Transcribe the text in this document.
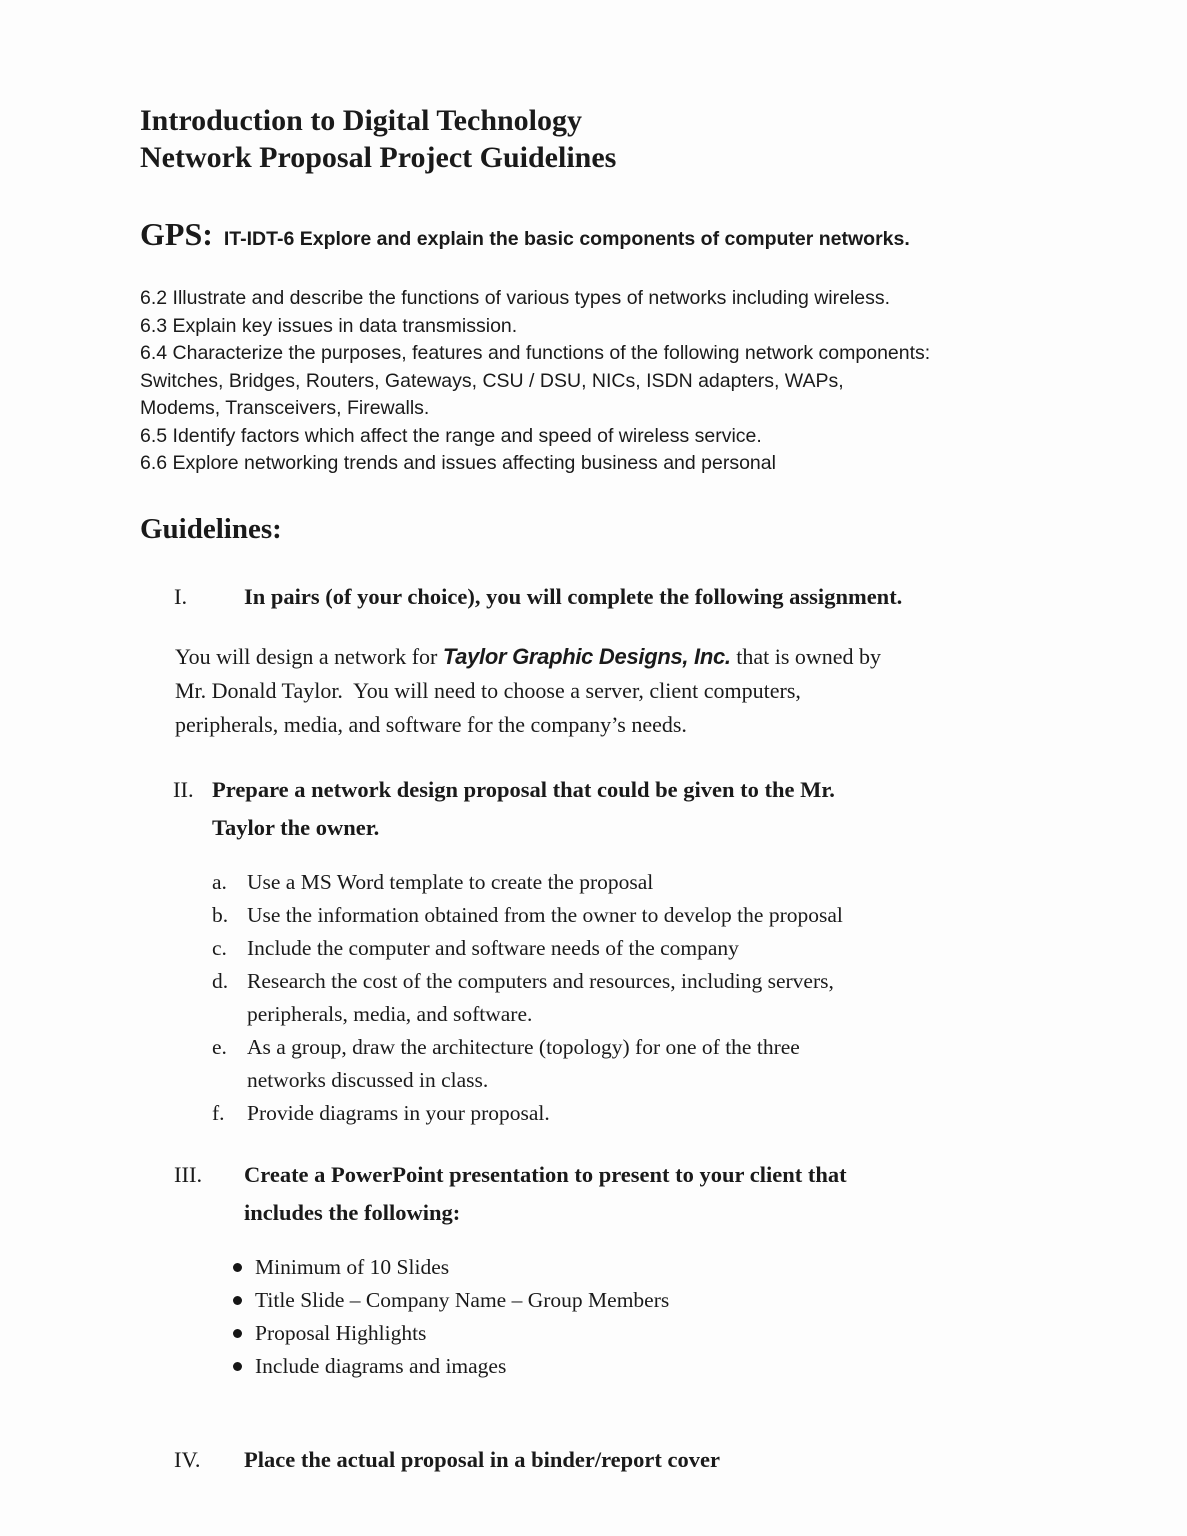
Introduction to Digital Technology
Network Proposal Project Guidelines
GPS: IT-IDT-6 Explore and explain the basic components of computer networks.
6.2 Illustrate and describe the functions of various types of networks including wireless.
6.3 Explain key issues in data transmission.
6.4 Characterize the purposes, features and functions of the following network components:
Switches, Bridges, Routers, Gateways, CSU / DSU, NICs, ISDN adapters, WAPs,
Modems, Transceivers, Firewalls.
6.5 Identify factors which affect the range and speed of wireless service.
6.6 Explore networking trends and issues affecting business and personal
Guidelines:
I.	In pairs (of your choice), you will complete the following assignment.
You will design a network for Taylor Graphic Designs, Inc. that is owned by
Mr. Donald Taylor.  You will need to choose a server, client computers,
peripherals, media, and software for the company’s needs.
II. Prepare a network design proposal that could be given to the Mr.
Taylor the owner.
a. Use a MS Word template to create the proposal
b. Use the information obtained from the owner to develop the proposal
c. Include the computer and software needs of the company
d. Research the cost of the computers and resources, including servers,
peripherals, media, and software.
e. As a group, draw the architecture (topology) for one of the three
networks discussed in class.
f.	Provide diagrams in your proposal.
III.	Create a PowerPoint presentation to present to your client that
includes the following:
Minimum of 10 Slides
Title Slide – Company Name – Group Members
Proposal Highlights
Include diagrams and images
IV.	Place the actual proposal in a binder/report cover
